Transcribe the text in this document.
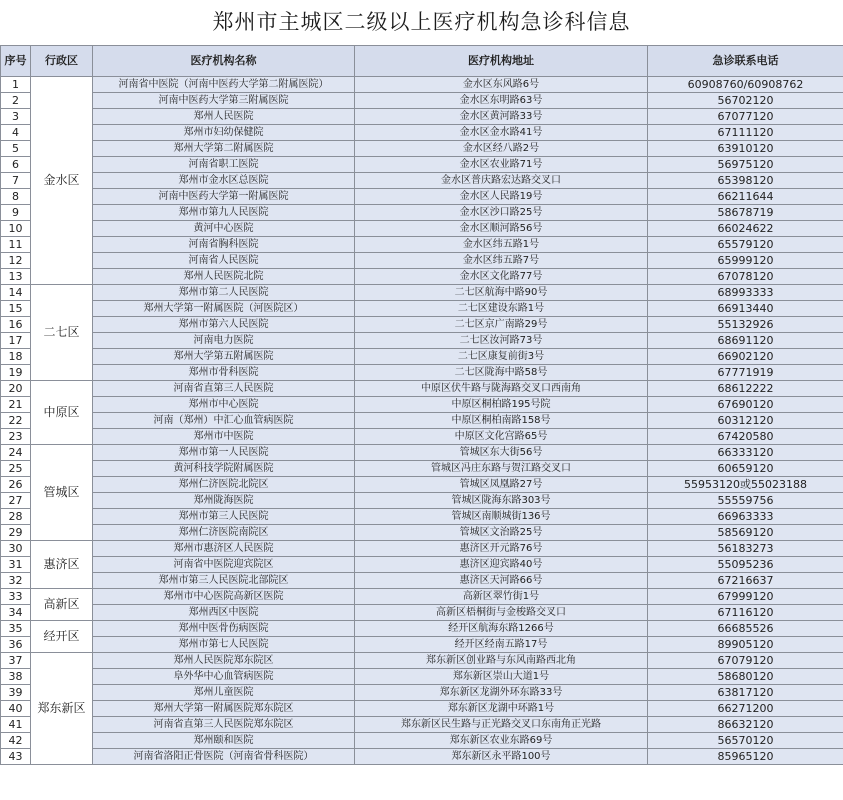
郑州市主城区二级以上医疗机构急诊科信息
序号	行政区	医疗机构名称	医疗机构地址	急诊联系电话
1	金水区	河南省中医院（河南中医药大学第二附属医院）	金水区东风路6号	60908760/60908762
2		河南中医药大学第三附属医院	金水区东明路63号	56702120
3		郑州人民医院	金水区黄河路33号	67077120
4		郑州市妇幼保健院	金水区金水路41号	67111120
5		郑州大学第二附属医院	金水区经八路2号	63910120
6		河南省职工医院	金水区农业路71号	56975120
7		郑州市金水区总医院	金水区普庆路宏达路交叉口	65398120
8		河南中医药大学第一附属医院	金水区人民路19号	66211644
9		郑州市第九人民医院	金水区沙口路25号	58678719
10		黄河中心医院	金水区顺河路56号	66024622
11		河南省胸科医院	金水区纬五路1号	65579120
12		河南省人民医院	金水区纬五路7号	65999120
13		郑州人民医院北院	金水区文化路77号	67078120
14	二七区	郑州市第二人民医院	二七区航海中路90号	68993333
15		郑州大学第一附属医院（河医院区）	二七区建设东路1号	66913440
16		郑州市第六人民医院	二七区京广南路29号	55132926
17		河南电力医院	二七区汝河路73号	68691120
18		郑州大学第五附属医院	二七区康复前街3号	66902120
19		郑州市骨科医院	二七区陇海中路58号	67771919
20	中原区	河南省直第三人民医院	中原区伏牛路与陇海路交叉口西南角	68612222
21		郑州市中心医院	中原区桐柏路195号院	67690120
22		河南（郑州）中汇心血管病医院	中原区桐柏南路158号	60312120
23		郑州市中医院	中原区文化宫路65号	67420580
24	管城区	郑州市第一人民医院	管城区东大街56号	66333120
25		黄河科技学院附属医院	管城区冯庄东路与贺江路交叉口	60659120
26		郑州仁济医院北院区	管城区凤凰路27号	55953120或55023188
27		郑州陇海医院	管城区陇海东路303号	55559756
28		郑州市第三人民医院	管城区南顺城街136号	66963333
29		郑州仁济医院南院区	管城区文治路25号	58569120
30	惠济区	郑州市惠济区人民医院	惠济区开元路76号	56183273
31		河南省中医院迎宾院区	惠济区迎宾路40号	55095236
32		郑州市第三人民医院北部院区	惠济区天河路66号	67216637
33	高新区	郑州市中心医院高新区医院	高新区翠竹街1号	67999120
34		郑州西区中医院	高新区梧桐街与金梭路交叉口	67116120
35	经开区	郑州中医骨伤病医院	经开区航海东路1266号	66685526
36		郑州市第七人民医院	经开区经南五路17号	89905120
37	郑东新区	郑州人民医院郑东院区	郑东新区创业路与东风南路西北角	67079120
38		阜外华中心血管病医院	郑东新区崇山大道1号	58680120
39		郑州儿童医院	郑东新区龙湖外环东路33号	63817120
40		郑州大学第一附属医院郑东院区	郑东新区龙湖中环路1号	66271200
41		河南省直第三人民医院郑东院区	郑东新区民生路与正光路交叉口东南角正光路	86632120
42		郑州颐和医院	郑东新区农业东路69号	56570120
43		河南省洛阳正骨医院（河南省骨科医院）	郑东新区永平路100号	85965120
